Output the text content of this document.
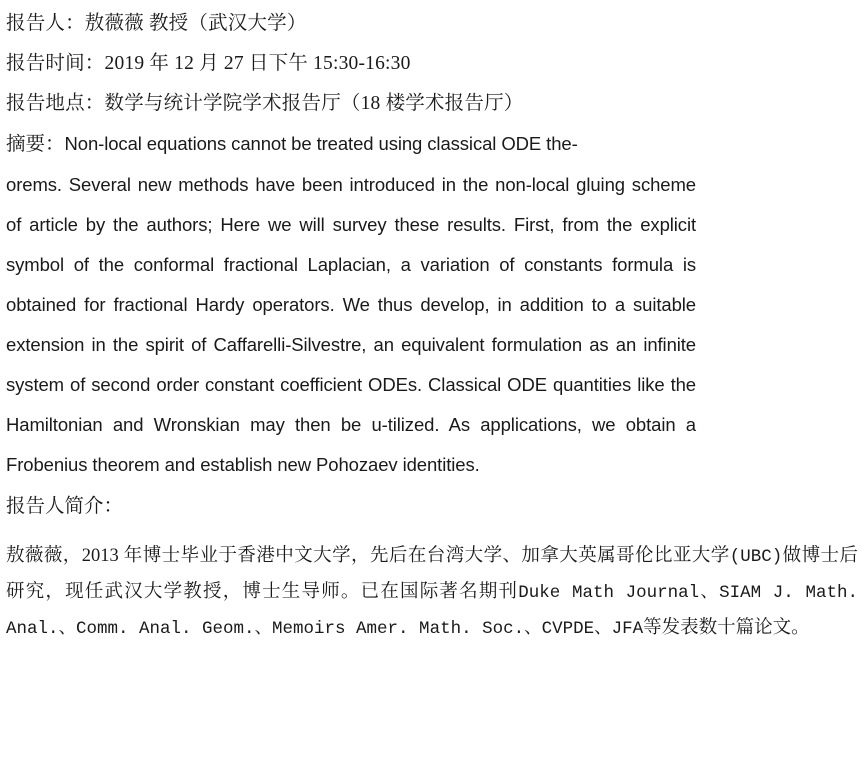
报告人：敖薇薇 教授（武汉大学）
报告时间：2019 年 12 月 27 日下午 15:30-16:30
报告地点：数学与统计学院学术报告厅（18 楼学术报告厅）
摘要：Non-local equations cannot be treated using classical ODE the-

orems. Several new methods have been introduced in the non-local gluing scheme of article by the authors; Here we will survey these results. First, from the explicit symbol of the conformal fractional Laplacian, a variation of constants formula is obtained for fractional Hardy operators. We thus develop, in addition to a suitable extension in the spirit of Caffarelli-Silvestre, an equivalent formulation as an infinite system of second order constant coefficient ODEs. Classical ODE quantities like the Hamiltonian and Wronskian may then be u-tilized. As applications, we obtain a Frobenius theorem and establish new Pohozaev identities.

报告人简介：
敖薇薇，2013 年博士毕业于香港中文大学，先后在台湾大学、加拿大英属哥伦比亚大学(UBC)做博士后研究，现任武汉大学教授，博士生导师。已在国际著名期刊Duke Math Journal、SIAM J. Math. Anal.、Comm. Anal. Geom.、Memoirs Amer. Math. Soc.、CVPDE、JFA等发表数十篇论文。
